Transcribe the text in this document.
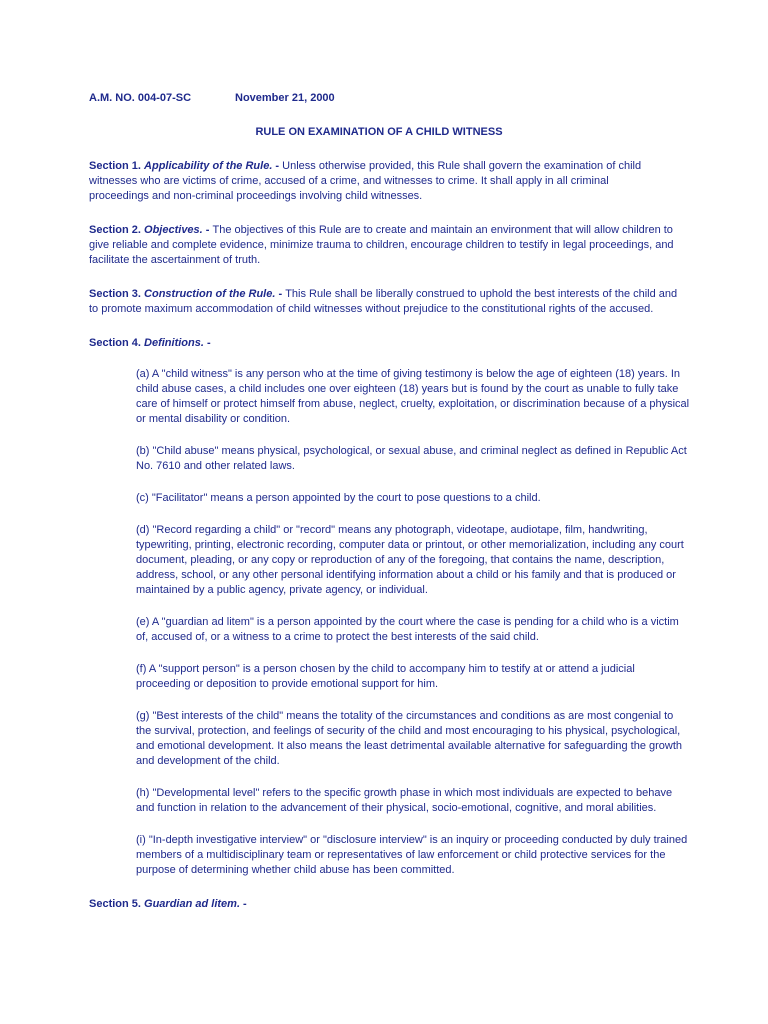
A.M. NO. 004-07-SC	November 21, 2000
RULE ON EXAMINATION OF A CHILD WITNESS
Section 1. Applicability of the Rule. - Unless otherwise provided, this Rule shall govern the examination of child witnesses who are victims of crime, accused of a crime, and witnesses to crime. It shall apply in all criminal proceedings and non-criminal proceedings involving child witnesses.
Section 2. Objectives. - The objectives of this Rule are to create and maintain an environment that will allow children to give reliable and complete evidence, minimize trauma to children, encourage children to testify in legal proceedings, and facilitate the ascertainment of truth.
Section 3. Construction of the Rule. - This Rule shall be liberally construed to uphold the best interests of the child and to promote maximum accommodation of child witnesses without prejudice to the constitutional rights of the accused.
Section 4. Definitions. -
(a) A "child witness" is any person who at the time of giving testimony is below the age of eighteen (18) years. In child abuse cases, a child includes one over eighteen (18) years but is found by the court as unable to fully take care of himself or protect himself from abuse, neglect, cruelty, exploitation, or discrimination because of a physical or mental disability or condition.
(b) "Child abuse" means physical, psychological, or sexual abuse, and criminal neglect as defined in Republic Act No. 7610 and other related laws.
(c) "Facilitator" means a person appointed by the court to pose questions to a child.
(d) "Record regarding a child" or "record" means any photograph, videotape, audiotape, film, handwriting, typewriting, printing, electronic recording, computer data or printout, or other memorialization, including any court document, pleading, or any copy or reproduction of any of the foregoing, that contains the name, description, address, school, or any other personal identifying information about a child or his family and that is produced or maintained by a public agency, private agency, or individual.
(e) A "guardian ad litem" is a person appointed by the court where the case is pending for a child who is a victim of, accused of, or a witness to a crime to protect the best interests of the said child.
(f) A "support person" is a person chosen by the child to accompany him to testify at or attend a judicial proceeding or deposition to provide emotional support for him.
(g) "Best interests of the child" means the totality of the circumstances and conditions as are most congenial to the survival, protection, and feelings of security of the child and most encouraging to his physical, psychological, and emotional development. It also means the least detrimental available alternative for safeguarding the growth and development of the child.
(h) "Developmental level" refers to the specific growth phase in which most individuals are expected to behave and function in relation to the advancement of their physical, socio-emotional, cognitive, and moral abilities.
(i) "In-depth investigative interview" or "disclosure interview" is an inquiry or proceeding conducted by duly trained members of a multidisciplinary team or representatives of law enforcement or child protective services for the purpose of determining whether child abuse has been committed.
Section 5. Guardian ad litem. -
